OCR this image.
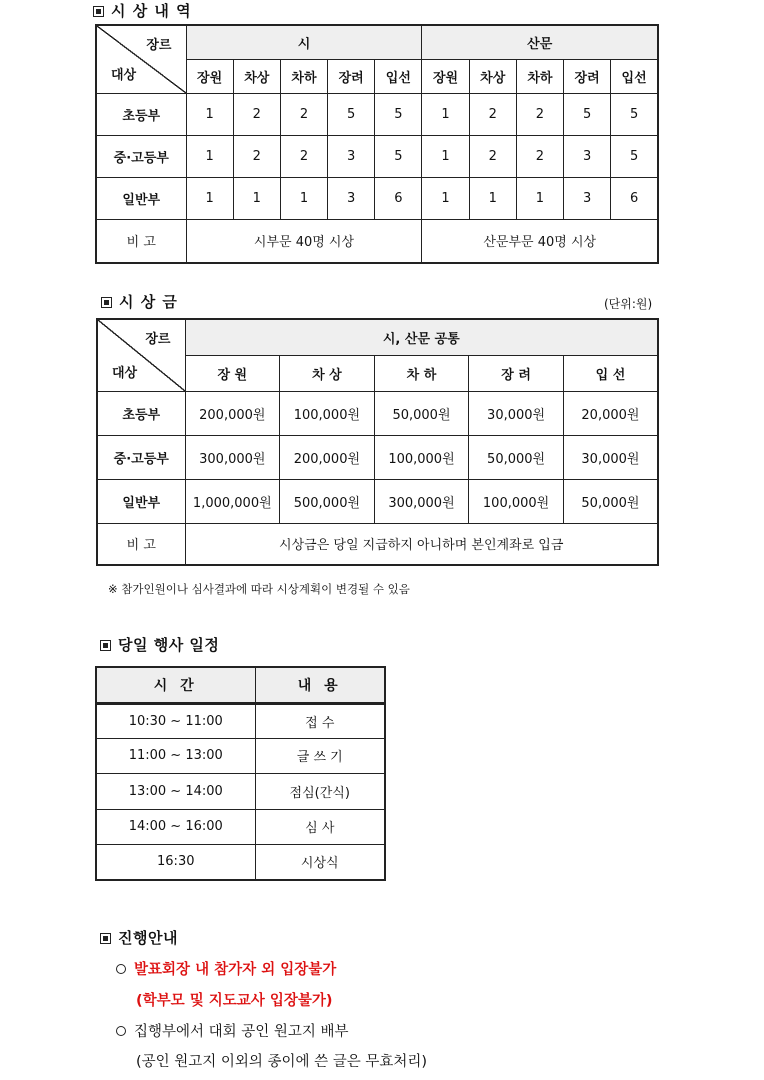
시 상 내 역
장르
대상	시					산문				
	장원	차상	차하	장려	입선	장원	차상	차하	장려	입선
초등부	1	2	2	5	5	1	2	2	5	5
중·고등부	1	2	2	3	5	1	2	2	3	5
일반부	1	1	1	3	6	1	1	1	3	6
비 고	시부문 40명 시상					산문부문 40명 시상				
시 상 금	(단위:원)
장르
대상	시, 산문 공통				
	장 원	차 상	차 하	장 려	입 선
초등부	200,000원	100,000원	50,000원	30,000원	20,000원
중·고등부	300,000원	200,000원	100,000원	50,000원	30,000원
일반부	1,000,000원	500,000원	300,000원	100,000원	50,000원
비 고	시상금은 당일 지급하지 아니하며 본인계좌로 입금				
※ 참가인원이나 심사결과에 따라 시상계획이 변경될 수 있음
당일 행사 일정
시 간	내 용
10:30 ~ 11:00	접 수
11:00 ~ 13:00	글 쓰 기
13:00 ~ 14:00	점심(간식)
14:00 ~ 16:00	심 사
16:30	시상식
진행안내
발표회장 내 참가자 외 입장불가
(학부모 및 지도교사 입장불가)
집행부에서 대회 공인 원고지 배부
(공인 원고지 이외의 종이에 쓴 글은 무효처리)
